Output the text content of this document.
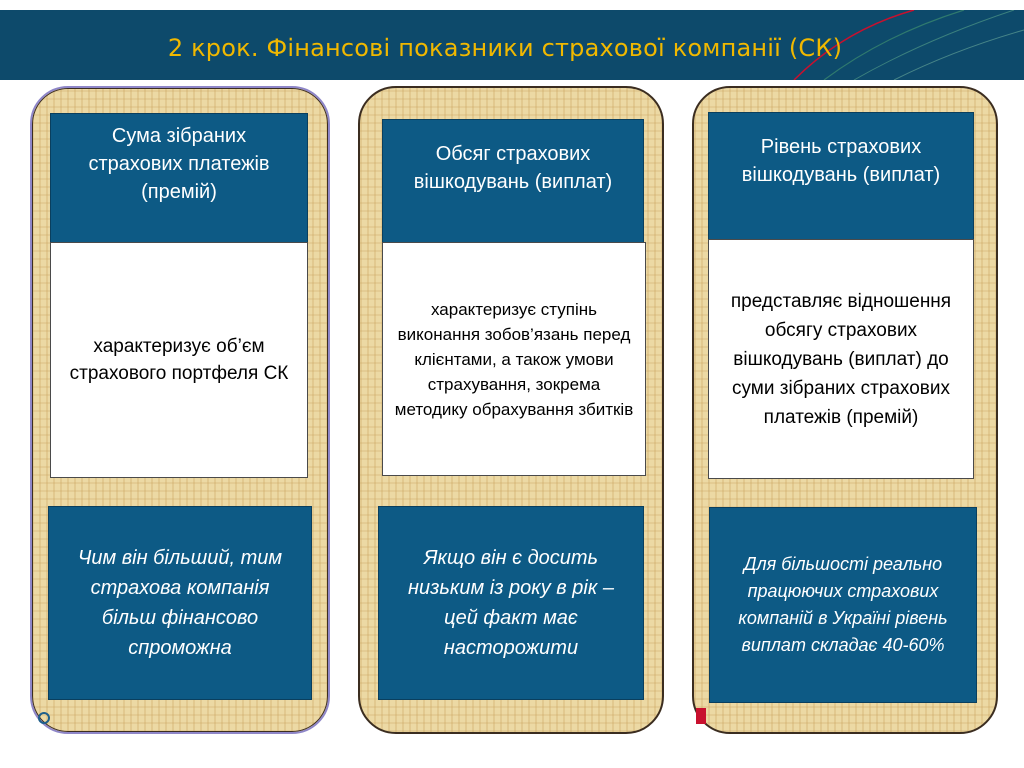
2 крок. Фінансові показники страхової компанії (СК)
Сума зібраних страхових платежів (премій)
характеризує об’єм страхового портфеля СК
Чим він більший, тим страхова компанія більш фінансово спроможна
Обсяг страхових вішкодувань (виплат)
характеризує ступінь виконання зобов’язань перед клієнтами, а також умови страхування, зокрема методику обрахування збитків
Якщо він є досить низьким із року в рік – цей факт має насторожити
Рівень страхових вішкодувань (виплат)
представляє відношення обсягу страхових вішкодувань (виплат) до суми зібраних страхових платежів (премій)
Для більшості реально працюючих страхових компаній в Україні рівень виплат складає 40-60%
